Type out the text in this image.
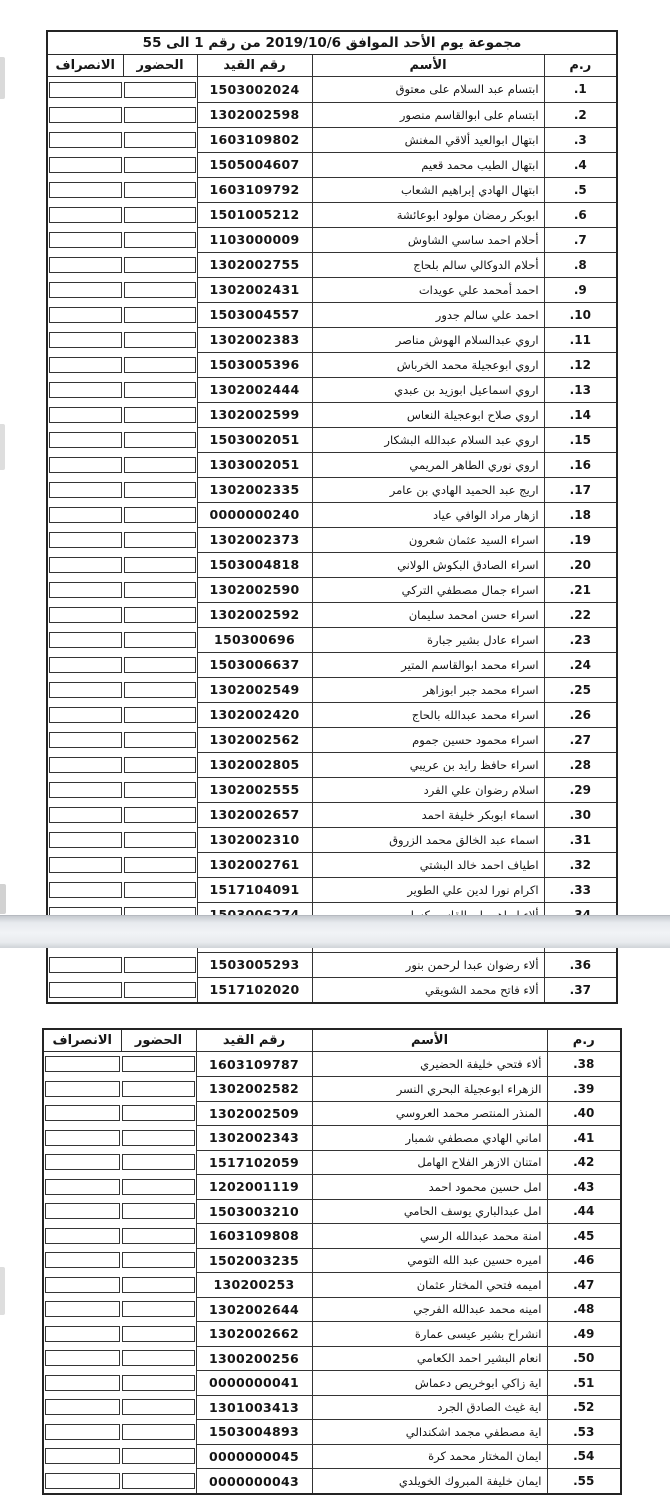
مجموعة يوم الأحد الموافق 2019/10/6 من رقم 1 الى 55				
ر.م	الأسم	رقم القيد	الحضور	الانصراف
1.	ابتسام عبد السلام على معتوق	1503002024	

2.	ابتسام على ابوالقاسم منصور	1302002598	

3.	ابتهال ابوالعيد ألاقي المغنش	1603109802	

4.	ابتهال الطيب محمد قعيم	1505004607	

5.	ابتهال الهادي إبراهيم الشعاب	1603109792	

6.	ابوبكر رمضان مولود ابوعائشة	1501005212	

7.	أحلام احمد ساسي الشاوش	1103000009	

8.	أحلام الدوكالي سالم بلحاج	1302002755	

9.	احمد أمحمد علي عويدات	1302002431	

10.	احمد علي سالم جدور	1503004557	

11.	اروي عبدالسلام الهوش مناصر	1302002383	

12.	اروي ابوعجيلة محمد الخرباش	1503005396	

13.	اروي اسماعيل ابوزيد بن عبدي	1302002444	

14.	اروي صلاح ابوعجيلة النعاس	1302002599	

15.	اروي عبد السلام عبدالله البشكار	1503002051	

16.	اروي نوري الطاهر المريمي	1303002051	

17.	اريج عبد الحميد الهادي بن عامر	1302002335	

18.	ازهار مراد الوافي عياد	0000000240	

19.	اسراء السيد عثمان شعرون	1302002373	

20.	اسراء الصادق البكوش الولاني	1503004818	

21.	اسراء جمال مصطفي التركي	1302002590	

22.	اسراء حسن امحمد سليمان	1302002592	

23.	اسراء عادل بشير جبارة	150300696	

24.	اسراء محمد ابوالقاسم المتير	1503006637	

25.	اسراء محمد جبر ابوزاهر	1302002549	

26.	اسراء محمد عبدالله بالحاج	1302002420	

27.	اسراء محمود حسين جموم	1302002562	

28.	اسراء حافظ رايد بن عريبي	1302002805	

29.	اسلام رضوان علي الفرد	1302002555	

30.	اسماء ابوبكر خليفة احمد	1302002657	

31.	اسماء عبد الخالق محمد الزروق	1302002310	

32.	اطياف احمد خالد البشتي	1302002761	

33.	اكرام نورا لدين علي الطوير	1517104091	

36.	ألاء رضوان عبدا لرحمن بنور	1503005293	

37.	ألاء فاتح محمد الشويقي	1517102020	

ر.م	الأسم	رقم القيد	الحضور	الانصراف
38.	ألاء فتحي خليفة الحضيري	1603109787	

39.	الزهراء ابوعجيلة البحري النسر	1302002582	

40.	المنذر المنتصر محمد العروسي	1302002509	

41.	اماني الهادي مصطفي شمبار	1302002343	

42.	امتنان الازهر الفلاح الهامل	1517102059	

43.	امل حسين محمود احمد	1202001119	

44.	امل عبدالباري يوسف الحامي	1503003210	

45.	امنة محمد عبدالله الرسي	1603109808	

46.	اميره حسين عبد الله التومي	1502003235	

47.	اميمه فتحي المختار عثمان	130200253	

48.	امينه محمد عبدالله الفرجي	1302002644	

49.	انشراح بشير عيسى عمارة	1302002662	

50.	انعام البشير احمد الكعامي	1300200256	

51.	اية زاكي ابوخريص دعماش	0000000041	

52.	اية غيث الصادق الجرد	1301003413	

53.	اية مصطفي مجمد اشكندالي	1503004893	

54.	ايمان المختار محمد كرة	0000000045	

55.	ايمان خليفة المبروك الخويلدي	0000000043	
